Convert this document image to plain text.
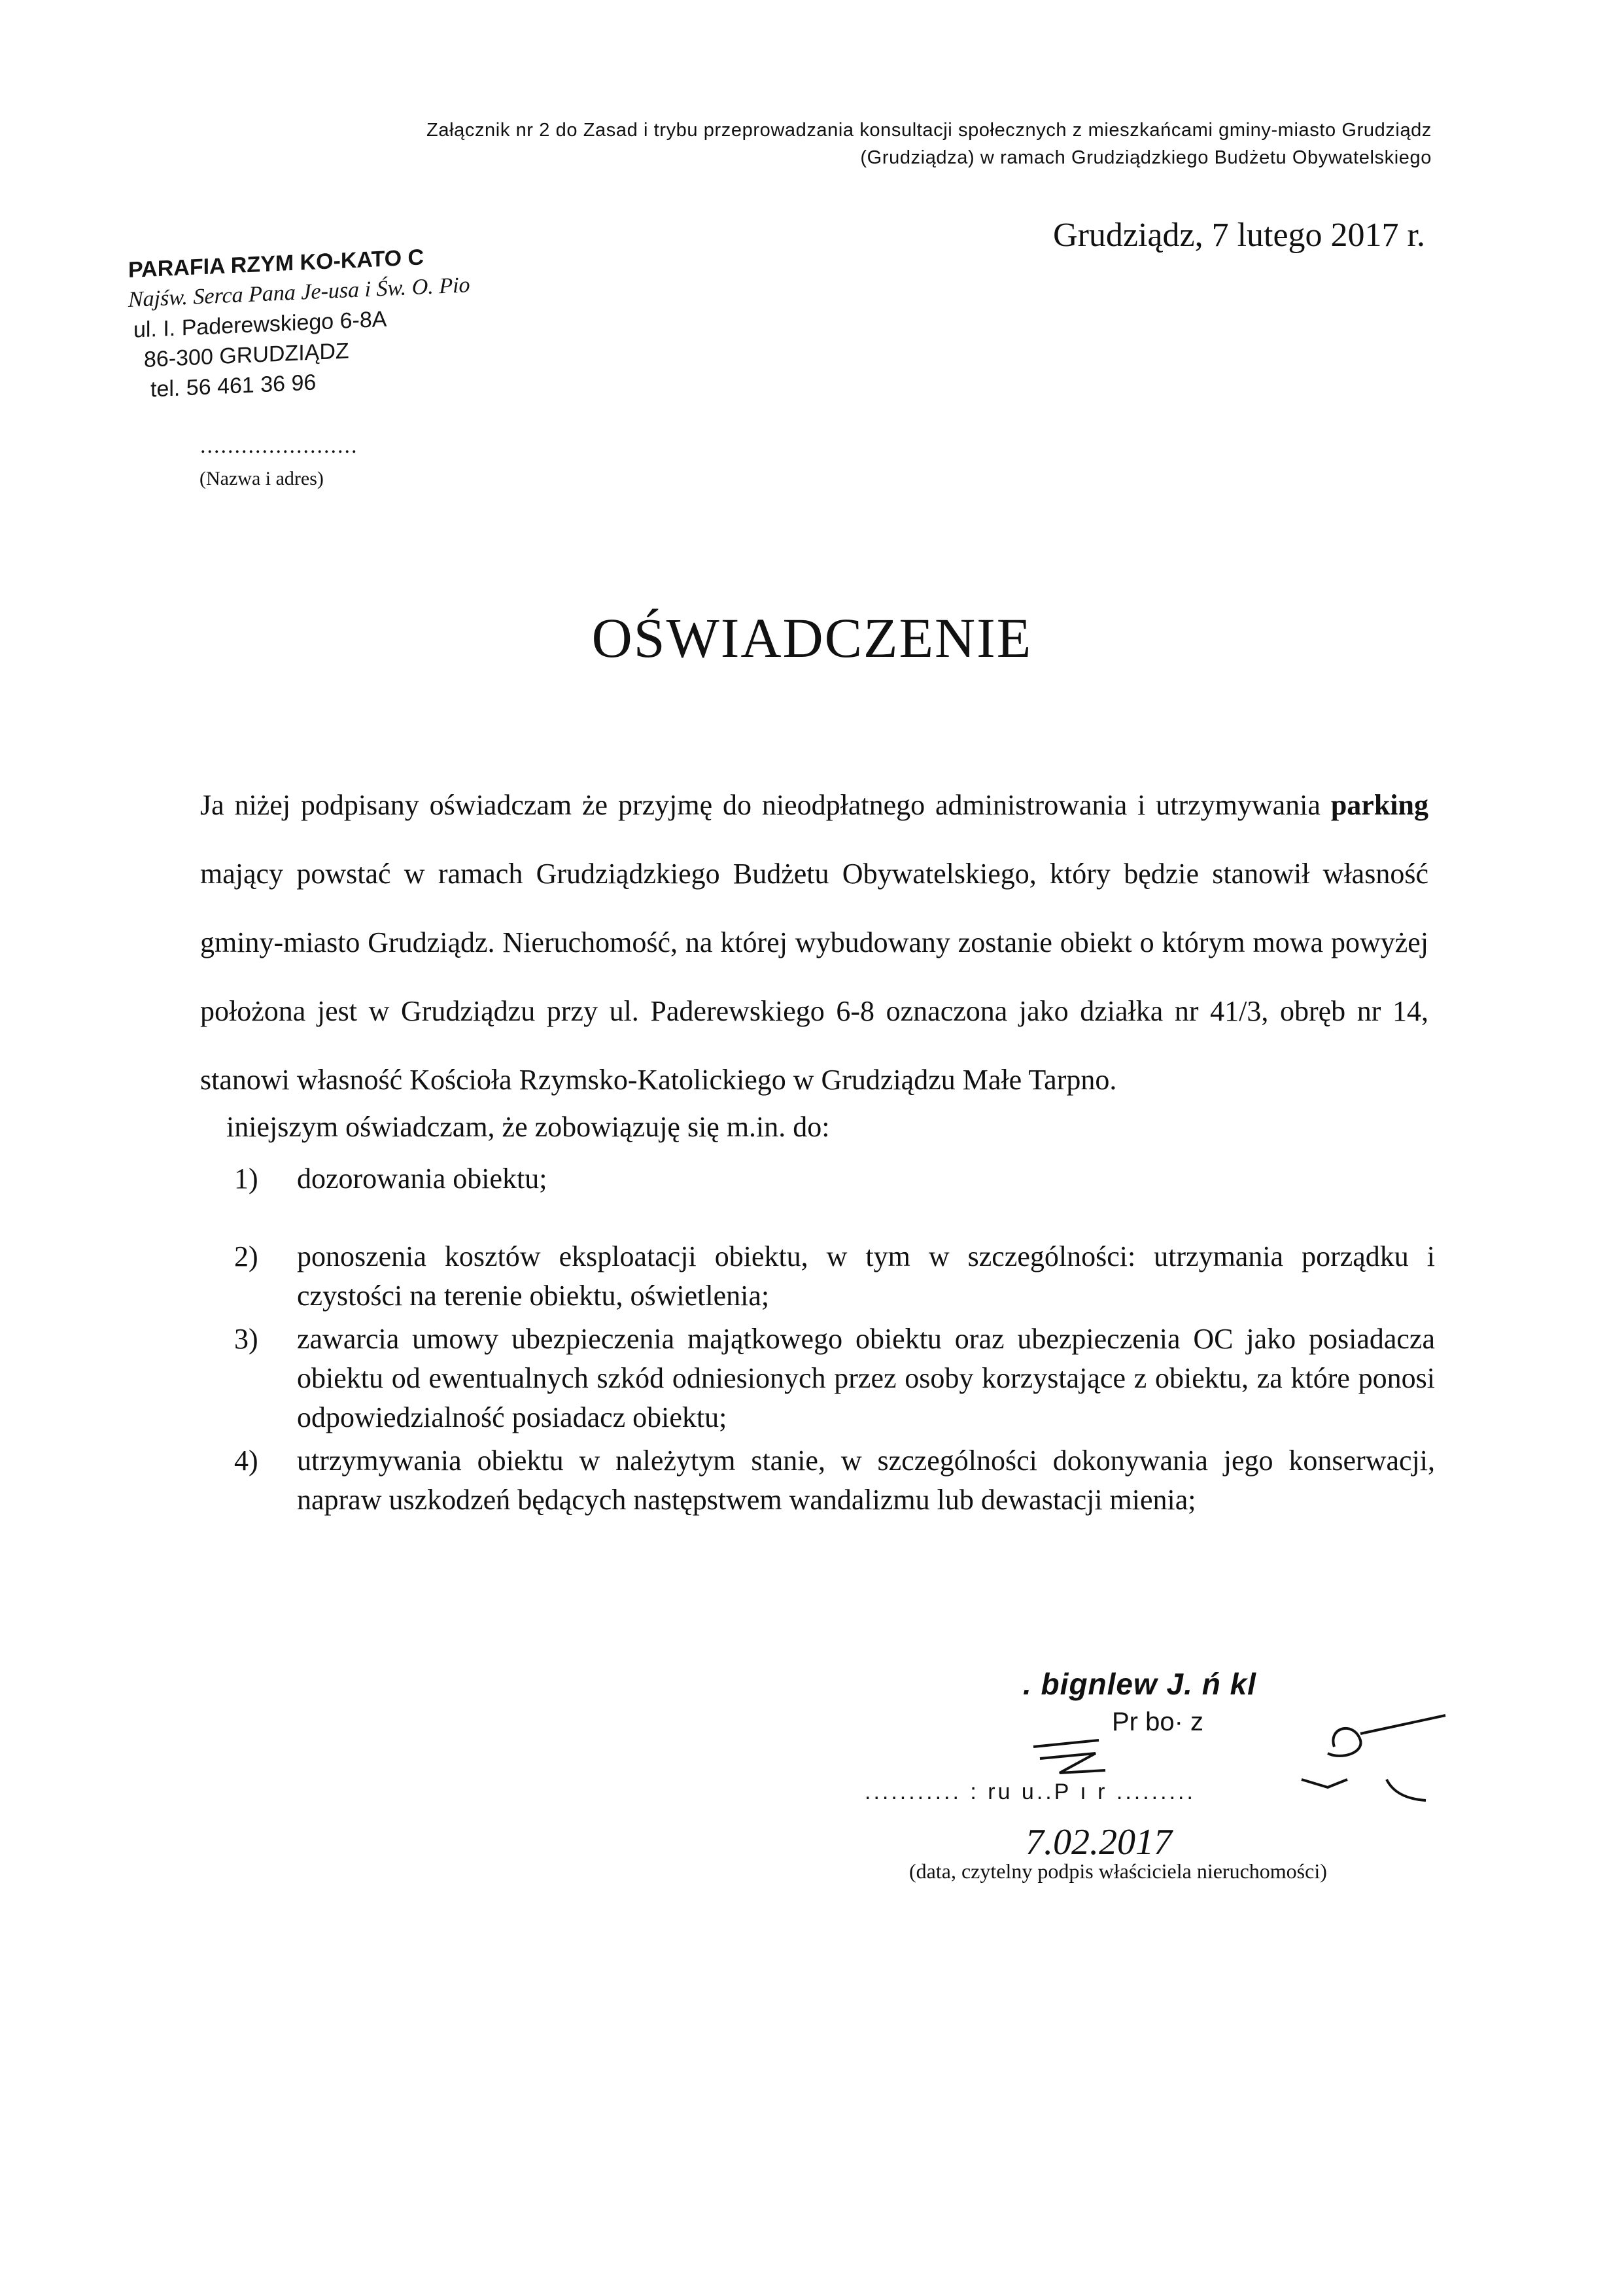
Załącznik nr 2 do Zasad i trybu przeprowadzania konsultacji społecznych z mieszkańcami gminy-miasto Grudziądz
(Grudziądza) w ramach Grudziądzkiego Budżetu Obywatelskiego
PARAFIA RZYM KO-KATO C
Najśw. Serca Pana Je-usa i Św. O. Pio
ul. I. Paderewskiego 6-8A
86-300 GRUDZIĄDZ
tel. 56 461 36 96
Grudziądz, 7 lutego 2017 r.
.......................
(Nazwa i adres)
OŚWIADCZENIE
Ja niżej podpisany oświadczam że przyjmę do nieodpłatnego administrowania i utrzymywania parking mający powstać w ramach Grudziądzkiego Budżetu Obywatelskiego, który będzie stanowił własność gminy-miasto Grudziądz. Nieruchomość, na której wybudowany zostanie obiekt o którym mowa powyżej położona jest w Grudziądzu przy ul. Paderewskiego 6-8 oznaczona jako działka nr 41/3, obręb nr 14, stanowi własność Kościoła Rzymsko-Katolickiego w Grudziądzu Małe Tarpno.
iniejszym oświadczam, że zobowiązuję się m.in. do:
1) dozorowania obiektu;
2) ponoszenia kosztów eksploatacji obiektu, w tym w szczególności: utrzymania porządku i czystości na terenie obiektu, oświetlenia;
3) zawarcia umowy ubezpieczenia majątkowego obiektu oraz ubezpieczenia OC jako posiadacza obiektu od ewentualnych szkód odniesionych przez osoby korzystające z obiektu, za które ponosi odpowiedzialność posiadacz obiektu;
4) utrzymywania obiektu w należytym stanie, w szczególności dokonywania jego konserwacji, napraw uszkodzeń będących następstwem wandalizmu lub dewastacji mienia;
. bignlew J. ń kl
Pr bo· z
........... : ru u..P ı r .........
7.02.2017
(data, czytelny podpis właściciela nieruchomości)
